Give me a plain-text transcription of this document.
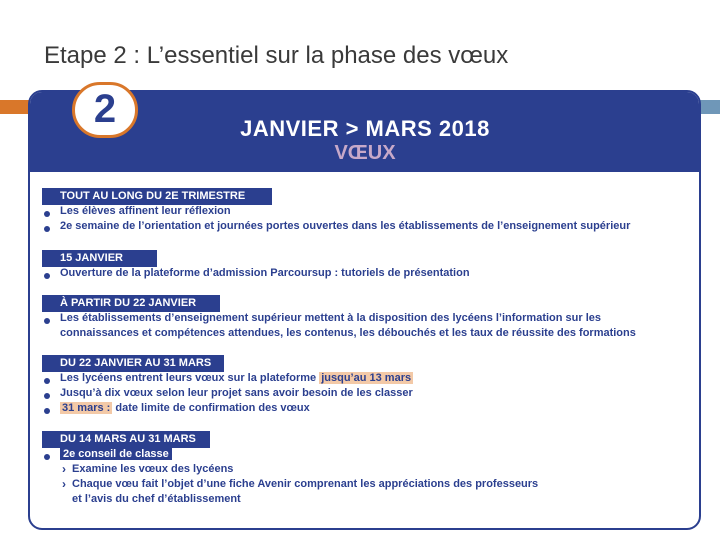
Etape 2 : L’essentiel sur la phase des vœux
JANVIER > MARS 2018
VŒUX
TOUT AU LONG DU 2E TRIMESTRE
Les élèves affinent leur réflexion
2e semaine de l’orientation et journées portes ouvertes dans les établissements de l’enseignement supérieur
15 JANVIER
Ouverture de la plateforme d’admission Parcoursup : tutoriels de présentation
À PARTIR DU 22 JANVIER
Les établissements d’enseignement supérieur mettent à la disposition des lycéens l’information sur les
connaissances et compétences attendues, les contenus, les débouchés et les taux de réussite des formations
DU 22 JANVIER AU 31 MARS
Les lycéens entrent leurs vœux sur la plateforme jusqu’au 13 mars
Jusqu’à dix vœux selon leur projet sans avoir besoin de les classer
31 mars : date limite de confirmation des vœux
DU 14 MARS AU 31 MARS
2e conseil de classe
› Examine les vœux des lycéens
› Chaque vœu fait l’objet d’une fiche Avenir comprenant les appréciations des professeurs
et l’avis du chef d’établissement
2
